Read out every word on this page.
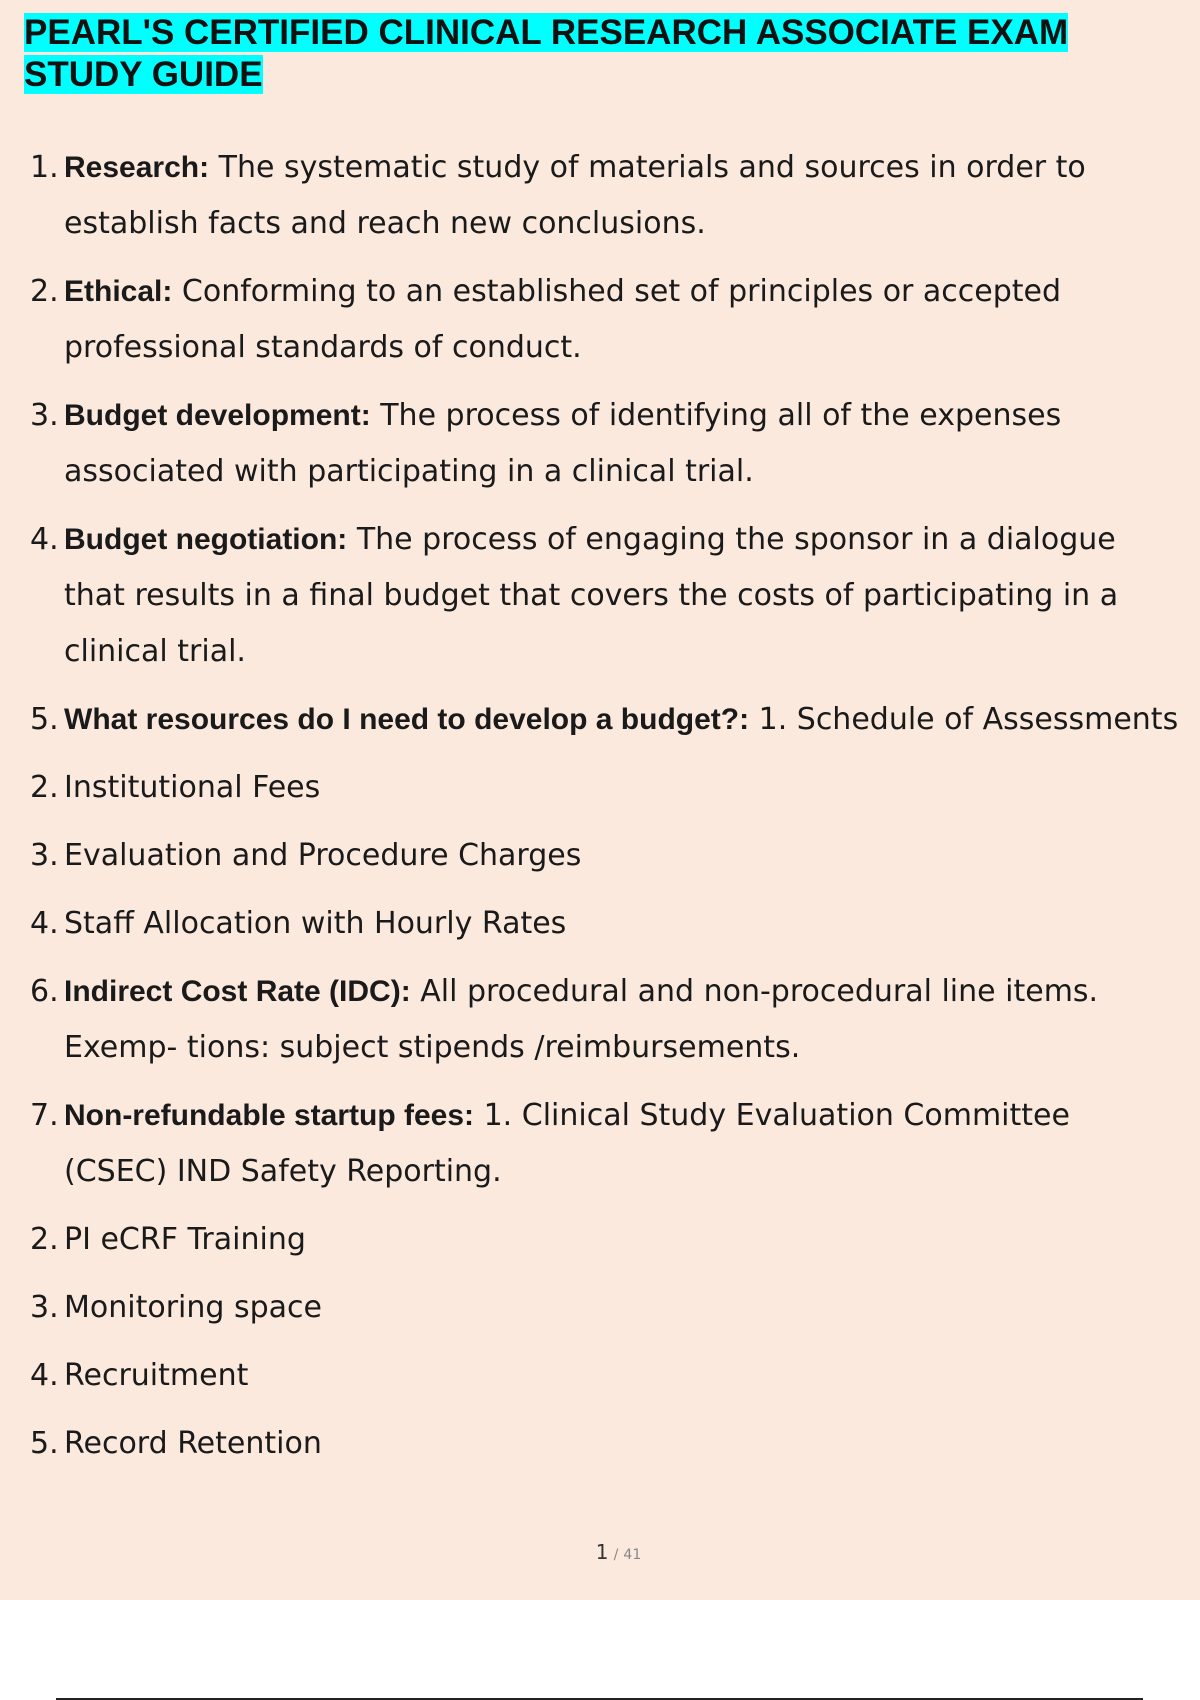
PEARL'S CERTIFIED CLINICAL RESEARCH ASSOCIATE EXAM STUDY GUIDE
1. Research: The systematic study of materials and sources in order to establish facts and reach new conclusions.
2. Ethical: Conforming to an established set of principles or accepted professional standards of conduct.
3. Budget development: The process of identifying all of the expenses associated with participating in a clinical trial.
4. Budget negotiation: The process of engaging the sponsor in a dialogue that results in a final budget that covers the costs of participating in a clinical trial.
5. What resources do I need to develop a budget?: 1. Schedule of Assessments
2. Institutional Fees
3. Evaluation and Procedure Charges
4. Staff Allocation with Hourly Rates
6. Indirect Cost Rate (IDC): All procedural and non-procedural line items. Exemp- tions: subject stipends /reimbursements.
7. Non-refundable startup fees: 1. Clinical Study Evaluation Committee (CSEC) IND Safety Reporting.
2. PI eCRF Training
3. Monitoring space
4. Recruitment
5. Record Retention
1 / 41
